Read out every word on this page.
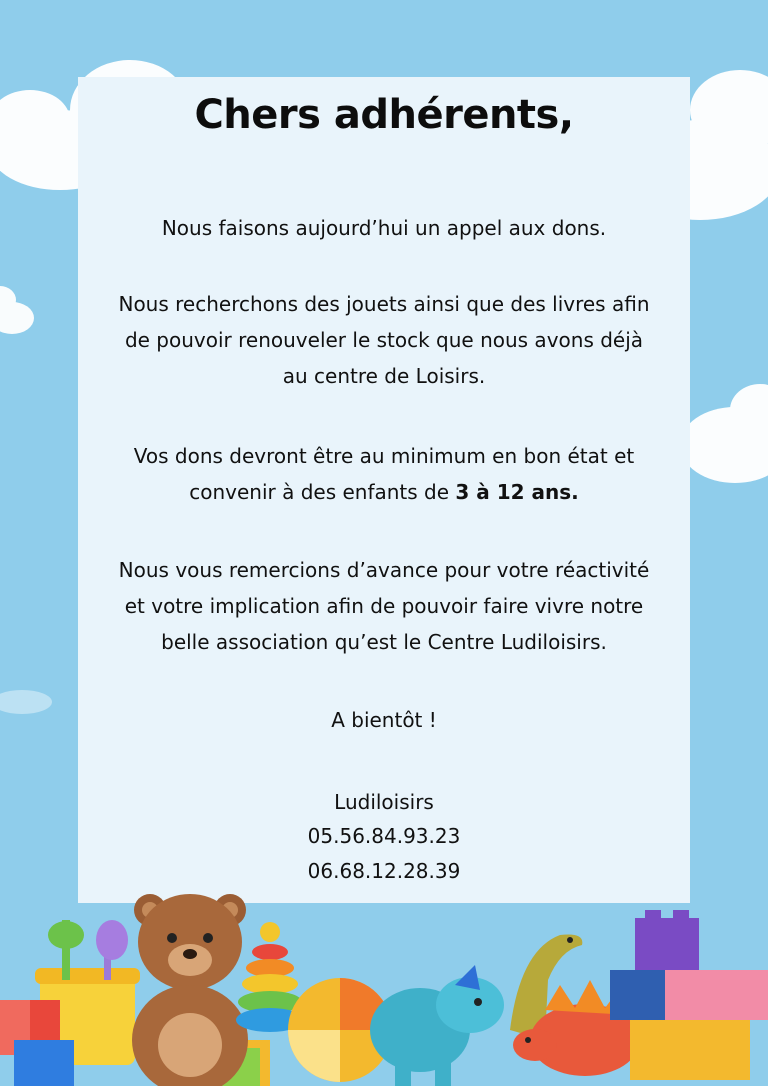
Chers adhérents,
Nous faisons aujourd’hui un appel aux dons.
Nous recherchons des jouets ainsi que des livres afin
de pouvoir renouveler le stock que nous avons déjà
au centre de Loisirs.
Vos dons devront être au minimum en bon état et
convenir à des enfants de 3 à 12 ans.
Nous vous remercions d’avance pour votre réactivité
et votre implication afin de pouvoir faire vivre notre
belle association qu’est le Centre Ludiloisirs.
A bientôt !
Ludiloisirs
05.56.84.93.23
06.68.12.28.39
